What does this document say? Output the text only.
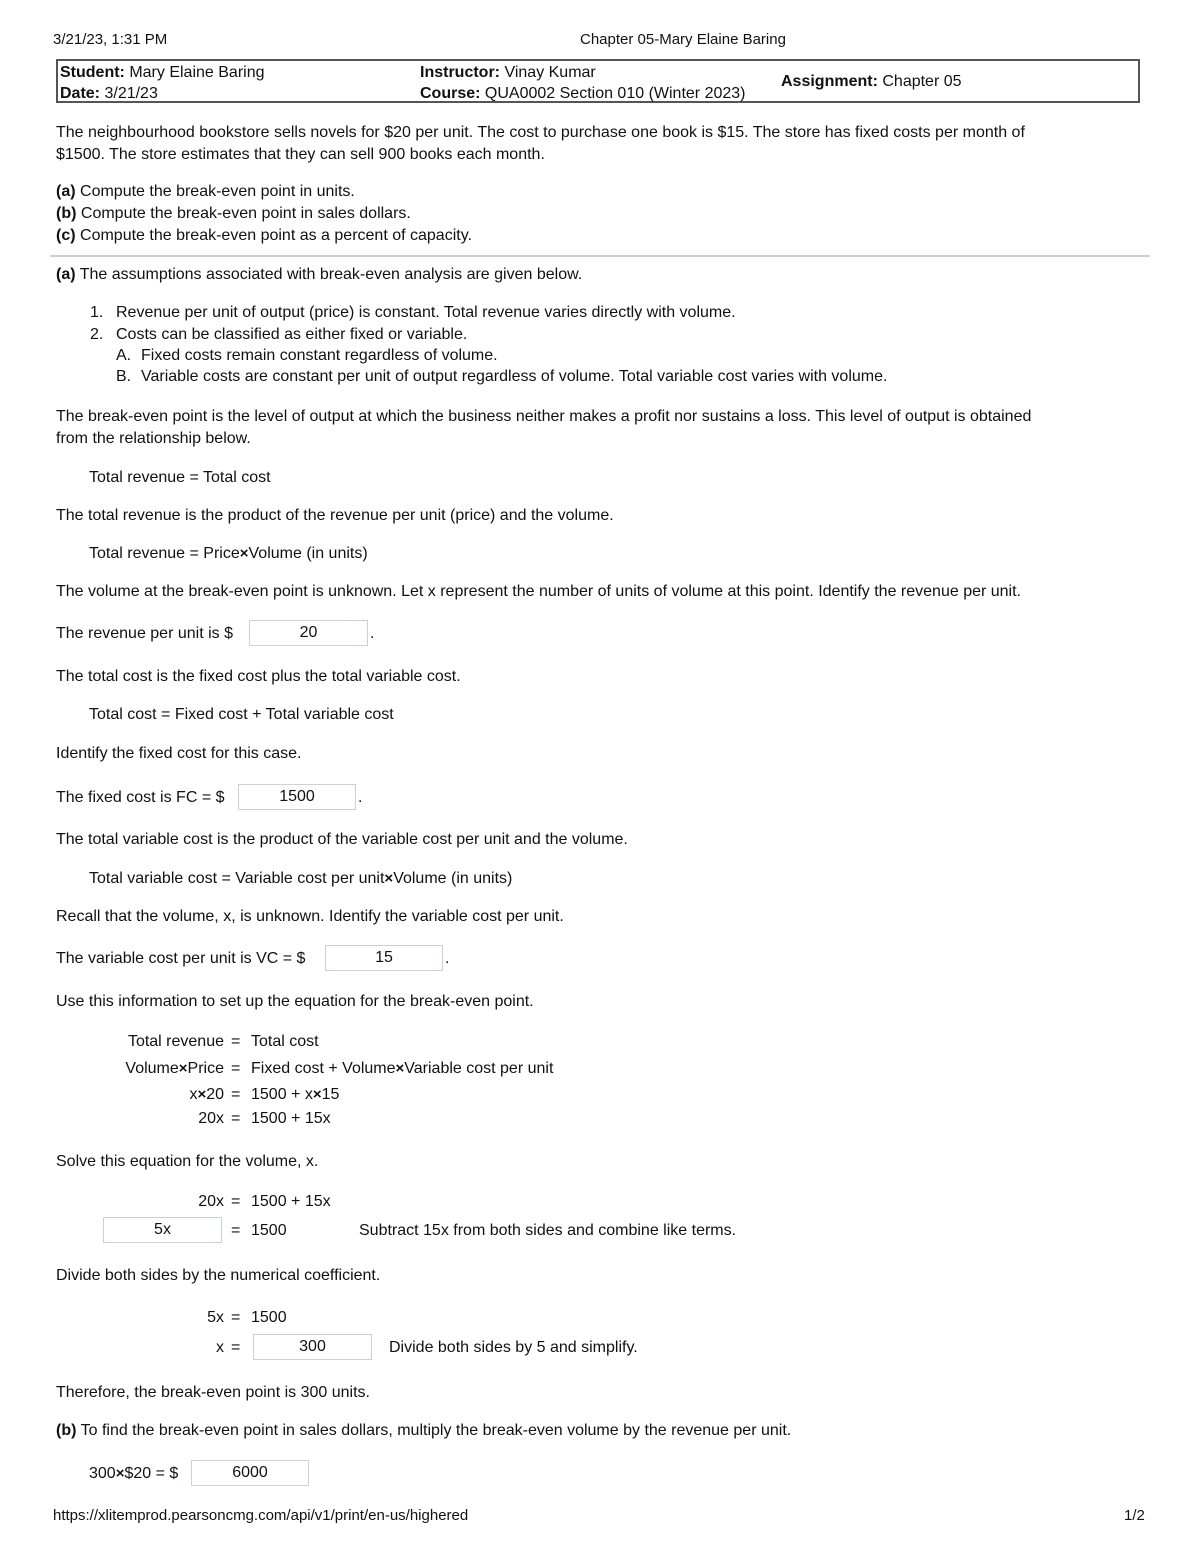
3/21/23, 1:31 PM	Chapter 05-Mary Elaine Baring
Student: Mary Elaine Baring
Date: 3/21/23
Instructor: Vinay Kumar
Course: QUA0002 Section 010 (Winter 2023)
Assignment: Chapter 05
The neighbourhood bookstore sells novels for $20 per unit. The cost to purchase one book is $15. The store has fixed costs per month of
$1500. The store estimates that they can sell 900 books each month.
(a) Compute the break-even point in units.
(b) Compute the break-even point in sales dollars.
(c) Compute the break-even point as a percent of capacity.
(a) The assumptions associated with break-even analysis are given below.
1. Revenue per unit of output (price) is constant. Total revenue varies directly with volume.
2. Costs can be classified as either fixed or variable.
A. Fixed costs remain constant regardless of volume.
B. Variable costs are constant per unit of output regardless of volume. Total variable cost varies with volume.
The break-even point is the level of output at which the business neither makes a profit nor sustains a loss. This level of output is obtained
from the relationship below.
Total revenue = Total cost
The total revenue is the product of the revenue per unit (price) and the volume.
Total revenue = Price×Volume (in units)
The volume at the break-even point is unknown. Let x represent the number of units of volume at this point. Identify the revenue per unit.
The revenue per unit is $	20	.
The total cost is the fixed cost plus the total variable cost.
Total cost = Fixed cost + Total variable cost
Identify the fixed cost for this case.
The fixed cost is FC = $	1500	.
The total variable cost is the product of the variable cost per unit and the volume.
Total variable cost = Variable cost per unit×Volume (in units)
Recall that the volume, x, is unknown. Identify the variable cost per unit.
The variable cost per unit is VC = $	15	.
Use this information to set up the equation for the break-even point.
Total revenue = Total cost
Volume×Price = Fixed cost + Volume×Variable cost per unit
x×20 = 1500 + x×15
20x = 1500 + 15x
Solve this equation for the volume, x.
20x = 1500 + 15x
5x	= 1500	Subtract 15x from both sides and combine like terms.
Divide both sides by the numerical coefficient.
5x = 1500
x =	300	Divide both sides by 5 and simplify.
Therefore, the break-even point is 300 units.
(b) To find the break-even point in sales dollars, multiply the break-even volume by the revenue per unit.
300×$20 = $	6000
https://xlitemprod.pearsoncmg.com/api/v1/print/en-us/highered	1/2
